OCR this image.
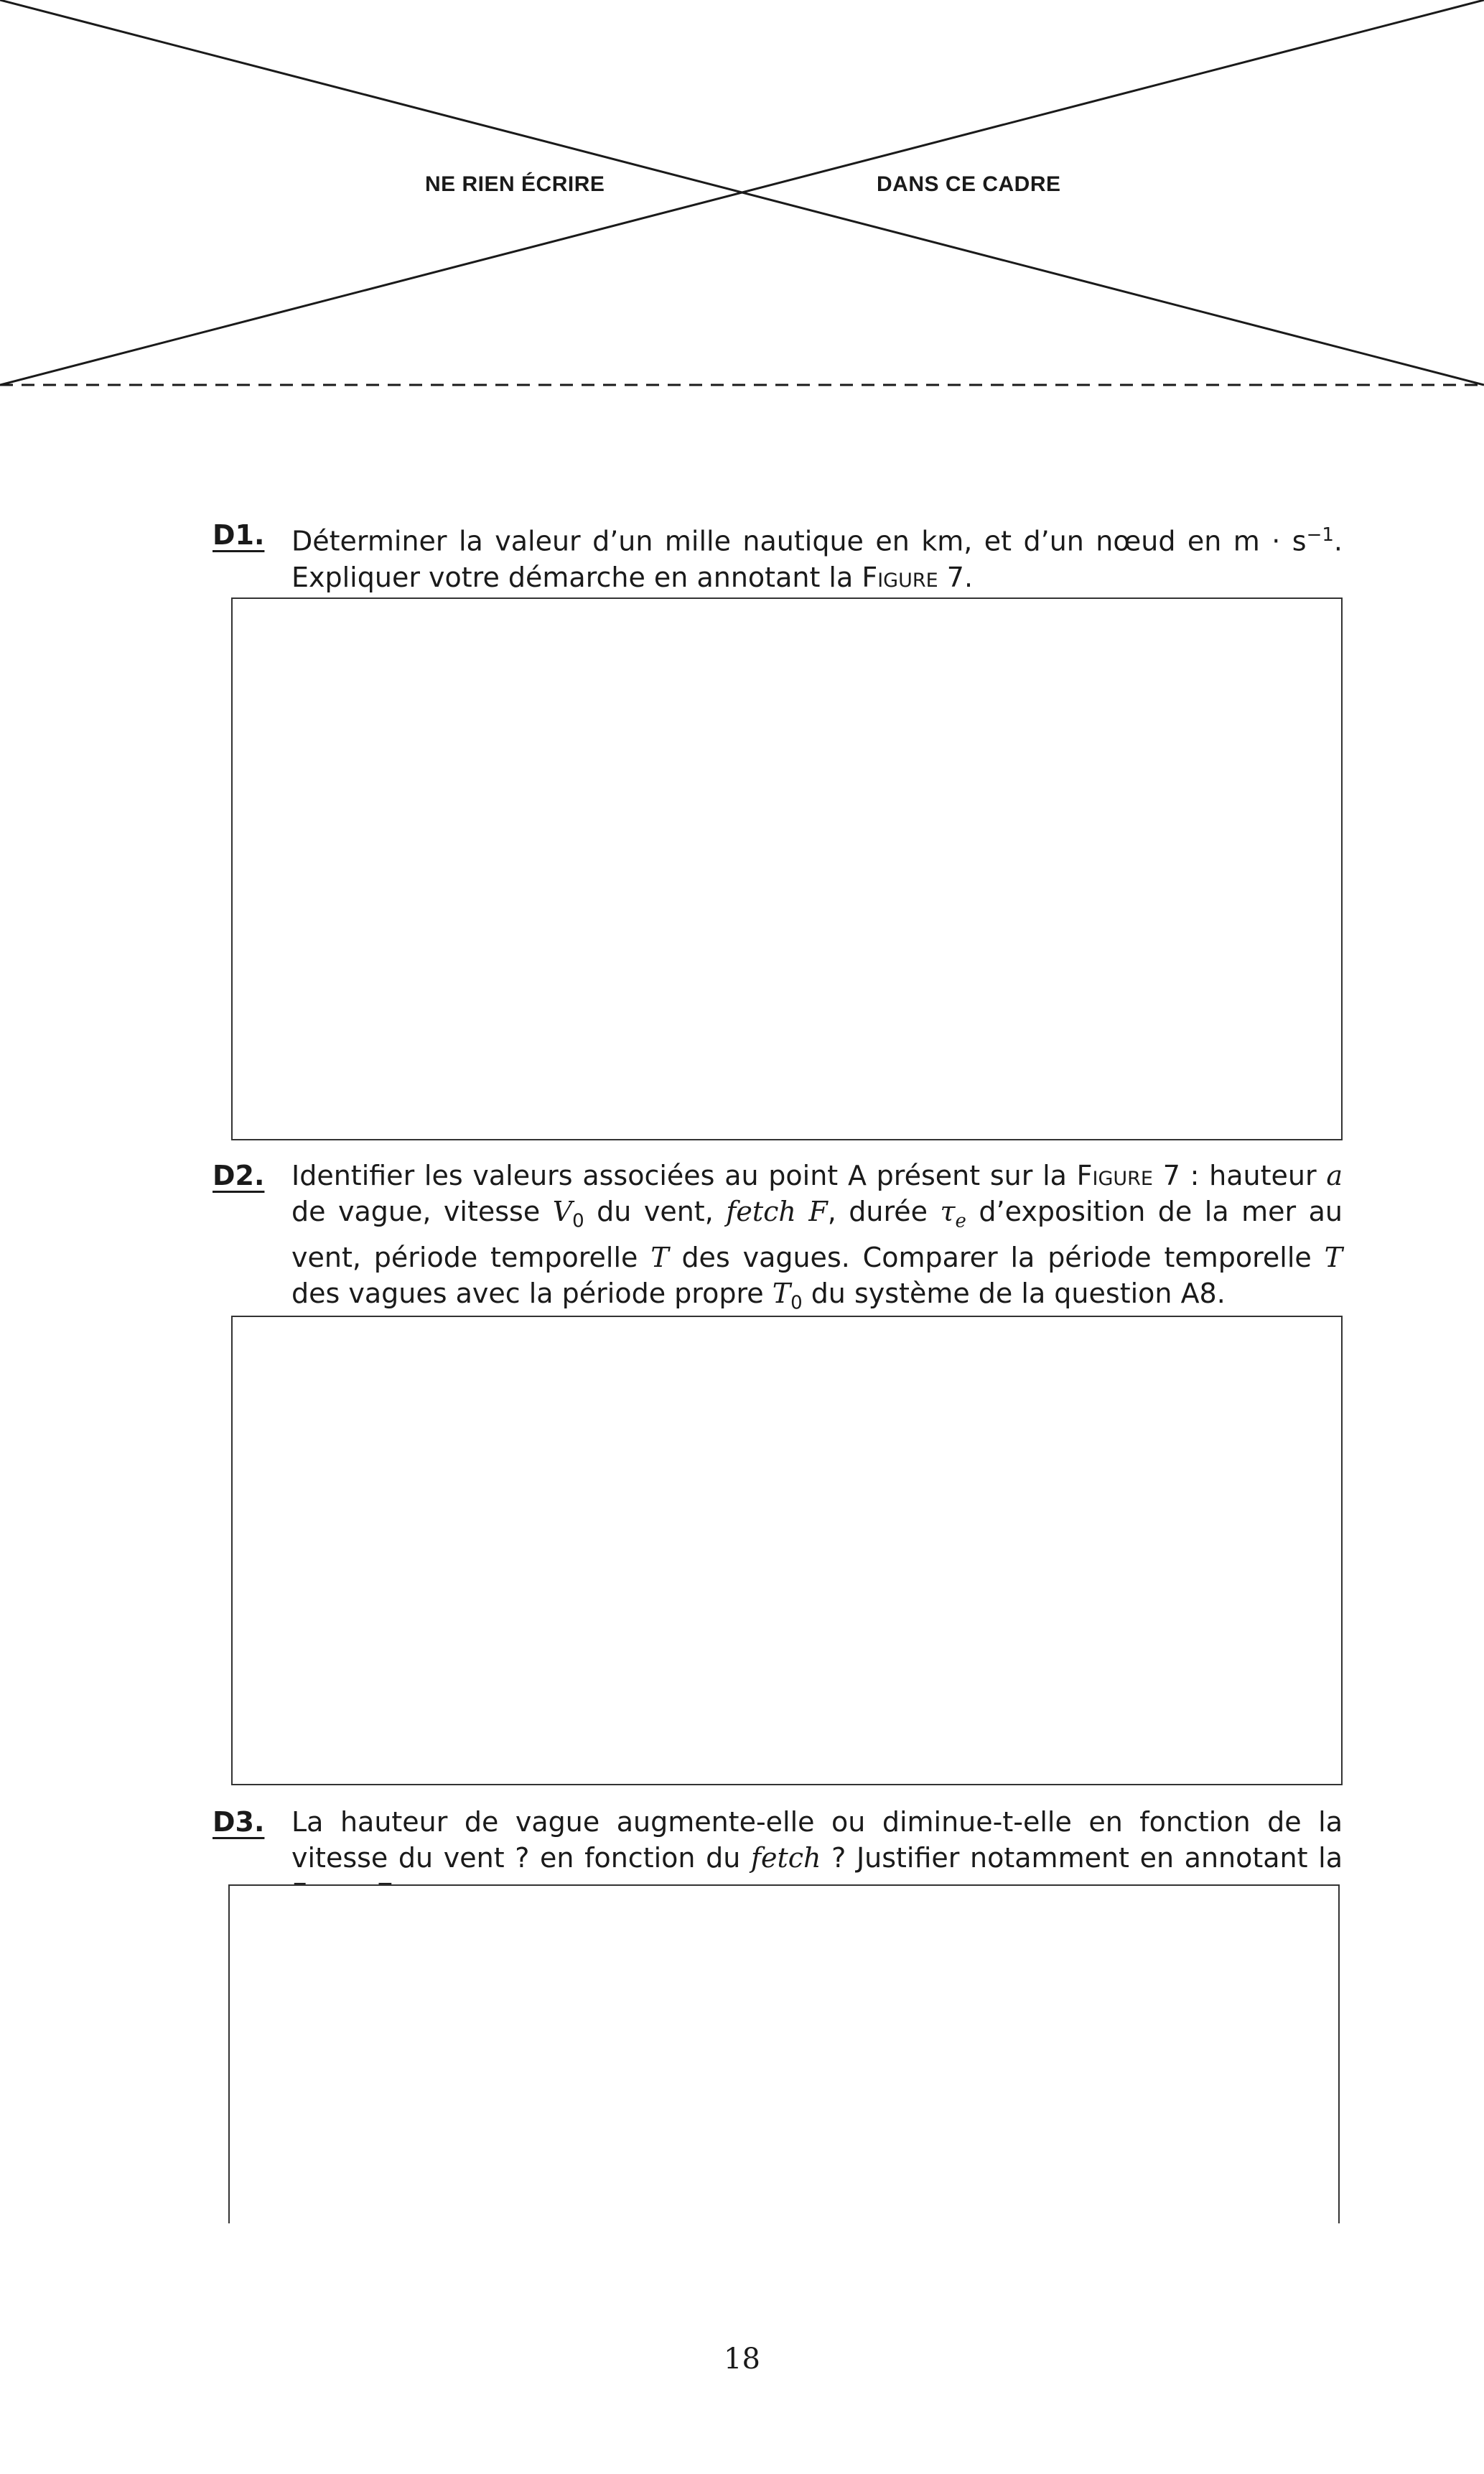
NE RIEN ÉCRIRE	DANS CE CADRE
D1. Déterminer la valeur d’un mille nautique en km, et d’un nœud en $m \cdot s^{-1}$. Expliquer votre démarche en annotant la Figure 7.
D2. Identifier les valeurs associées au point A présent sur la Figure 7 : hauteur a de vague, vitesse $V_0$ du vent, fetch F, durée $\tau_e$ d’exposition de la mer au vent, période temporelle T des vagues. Comparer la période temporelle T des vagues avec la période propre $T_0$ du système de la question A8.
D3. La hauteur de vague augmente-elle ou diminue-t-elle en fonction de la vitesse du vent ? en fonction du fetch ? Justifier notamment en annotant la
18
